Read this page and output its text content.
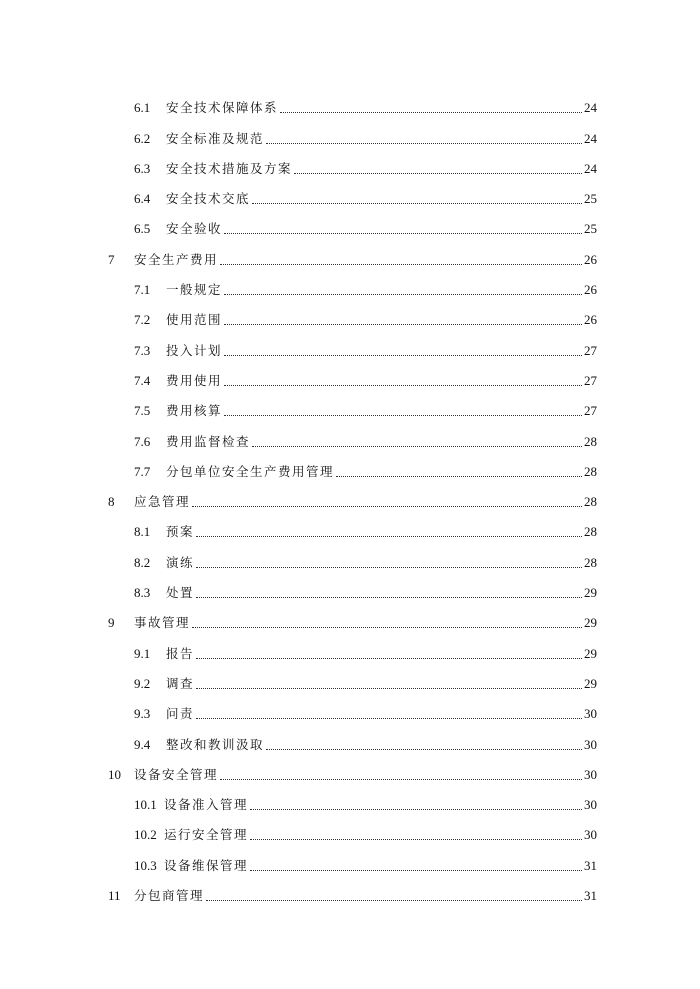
6.1	安全技术保障体系	24
6.2	安全标准及规范	24
6.3	安全技术措施及方案	24
6.4	安全技术交底	25
6.5	安全验收	25
7	安全生产费用	26
7.1	一般规定	26
7.2	使用范围	26
7.3	投入计划	27
7.4	费用使用	27
7.5	费用核算	27
7.6	费用监督检查	28
7.7	分包单位安全生产费用管理	28
8	应急管理	28
8.1	预案	28
8.2	演练	28
8.3	处置	29
9	事故管理	29
9.1	报告	29
9.2	调查	29
9.3	问责	30
9.4	整改和教训汲取	30
10	设备安全管理	30
10.1 设备准入管理	30
10.2 运行安全管理	30
10.3 设备维保管理	31
11	分包商管理	31
